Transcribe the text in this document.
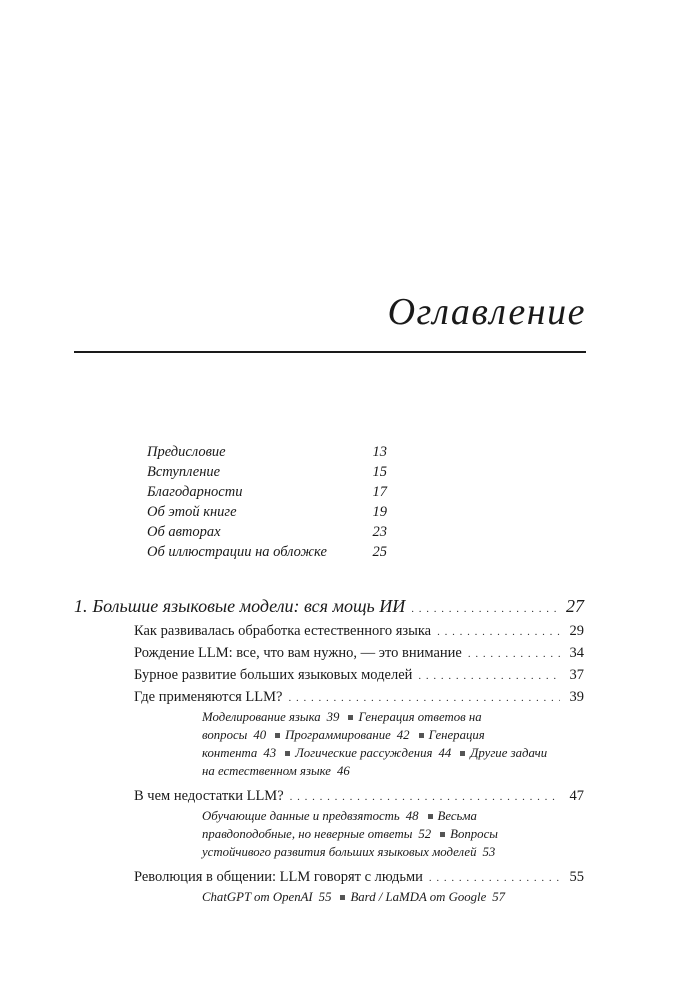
Оглавление
Предисловие	13
Вступление	15
Благодарности	17
Об этой книге	19
Об авторах	23
Об иллюстрации на обложке	25
1. Большие языковые модели: вся мощь ИИ . . .	27
Как развивалась обработка естественного языка . . .	29
Рождение LLM: все, что вам нужно, — это внимание . . .	34
Бурное развитие больших языковых моделей . . .	37
Где применяются LLM? . . .	39
Моделирование языка 39 Генерация ответов на вопросы 40 Программирование 42 Генерация контента 43 Логические рассуждения 44 Другие задачи на естественном языке 46
В чем недостатки LLM? . . .	47
Обучающие данные и предвзятость 48 Весьма правдоподобные, но неверные ответы 52 Вопросы устойчивого развития больших языковых моделей 53
Революция в общении: LLM говорят с людьми . . .	55
ChatGPT от OpenAI 55 Bard / LaMDA от Google 57
